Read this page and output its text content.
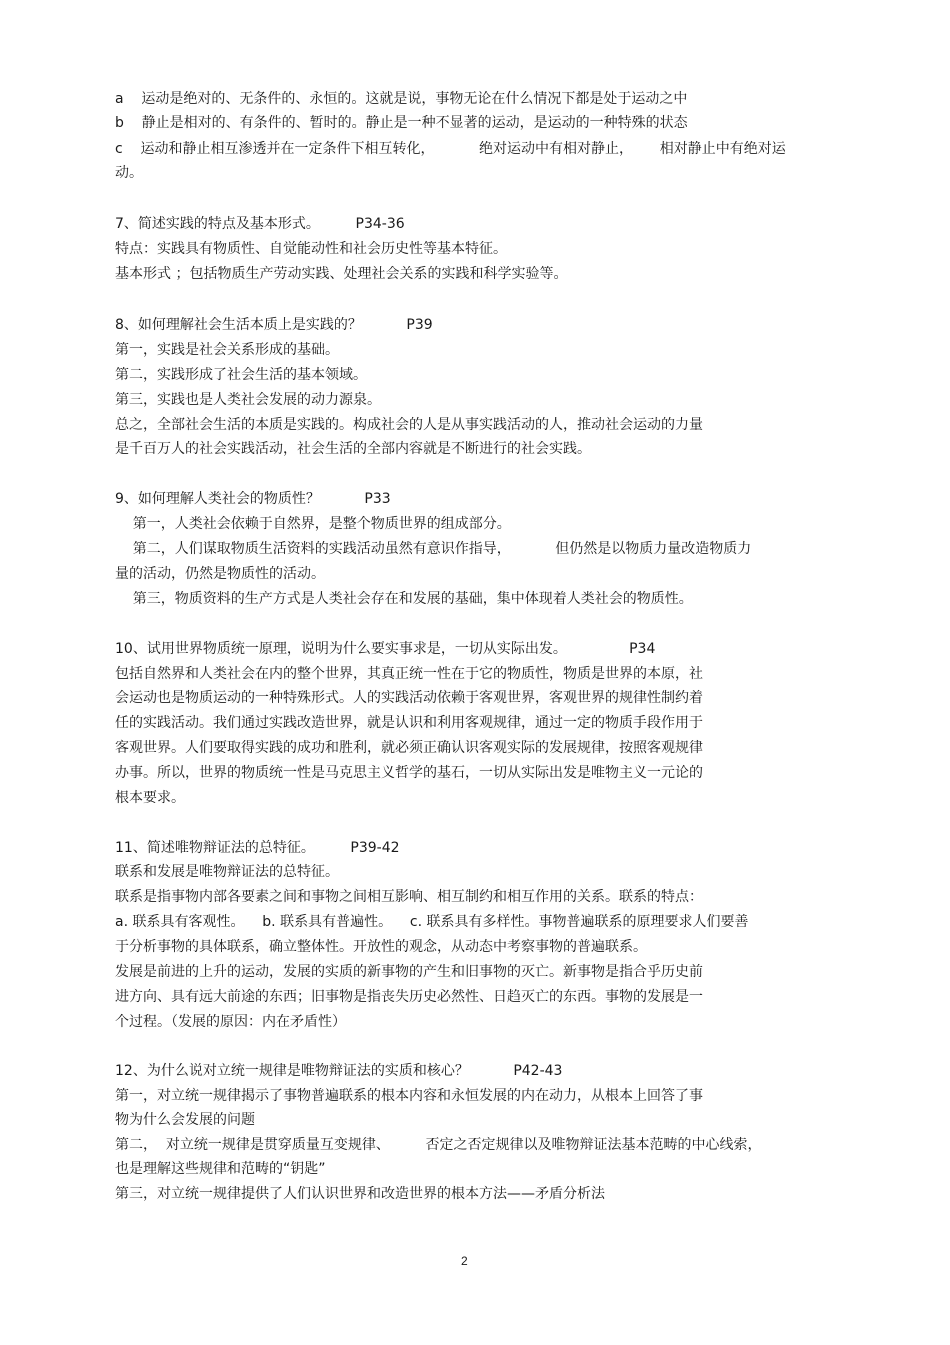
a    运动是绝对的、无条件的、永恒的。这就是说，事物无论在什么情况下都是处于运动之中
b    静止是相对的、有条件的、暂时的。静止是一种不显著的运动，是运动的一种特殊的状态
c    运动和静止相互渗透并在一定条件下相互转化，          绝对运动中有相对静止，      相对静止中有绝对运
动。
7、简述实践的特点及基本形式。        P34-36
特点：实践具有物质性、自觉能动性和社会历史性等基本特征。
基本形式 ；包括物质生产劳动实践、处理社会关系的实践和科学实验等。
8、如何理解社会生活本质上是实践的？          P39
第一，实践是社会关系形成的基础。
第二，实践形成了社会生活的基本领域。
第三，实践也是人类社会发展的动力源泉。
总之，全部社会生活的本质是实践的。构成社会的人是从事实践活动的人，推动社会运动的力量
是千百万人的社会实践活动，社会生活的全部内容就是不断进行的社会实践。
9、如何理解人类社会的物质性？          P33
第一，人类社会依赖于自然界，是整个物质世界的组成部分。
第二，人们谋取物质生活资料的实践活动虽然有意识作指导，          但仍然是以物质力量改造物质力
量的活动，仍然是物质性的活动。
第三，物质资料的生产方式是人类社会存在和发展的基础，集中体现着人类社会的物质性。
10、试用世界物质统一原理，说明为什么要实事求是，一切从实际出发。              P34
包括自然界和人类社会在内的整个世界，其真正统一性在于它的物质性，物质是世界的本原，社
会运动也是物质运动的一种特殊形式。人的实践活动依赖于客观世界，客观世界的规律性制约着
任的实践活动。我们通过实践改造世界，就是认识和利用客观规律，通过一定的物质手段作用于
客观世界。人们要取得实践的成功和胜利，就必须正确认识客观实际的发展规律，按照客观规律
办事。所以，世界的物质统一性是马克思主义哲学的基石，一切从实际出发是唯物主义一元论的
根本要求。
11、简述唯物辩证法的总特征。        P39-42
联系和发展是唯物辩证法的总特征。
联系是指事物内部各要素之间和事物之间相互影响、相互制约和相互作用的关系。联系的特点：
a. 联系具有客观性。    b. 联系具有普遍性。    c. 联系具有多样性。事物普遍联系的原理要求人们要善
于分析事物的具体联系，确立整体性。开放性的观念，从动态中考察事物的普遍联系。
发展是前进的上升的运动，发展的实质的新事物的产生和旧事物的灭亡。新事物是指合乎历史前
进方向、具有远大前途的东西；旧事物是指丧失历史必然性、日趋灭亡的东西。事物的发展是一
个过程。（发展的原因：内在矛盾性）
12、为什么说对立统一规律是唯物辩证法的实质和核心？          P42-43
第一，对立统一规律揭示了事物普遍联系的根本内容和永恒发展的内在动力，从根本上回答了事
物为什么会发展的问题
第二，  对立统一规律是贯穿质量互变规律、        否定之否定规律以及唯物辩证法基本范畴的中心线索，
也是理解这些规律和范畴的“钥匙”
第三，对立统一规律提供了人们认识世界和改造世界的根本方法——矛盾分析法
2
